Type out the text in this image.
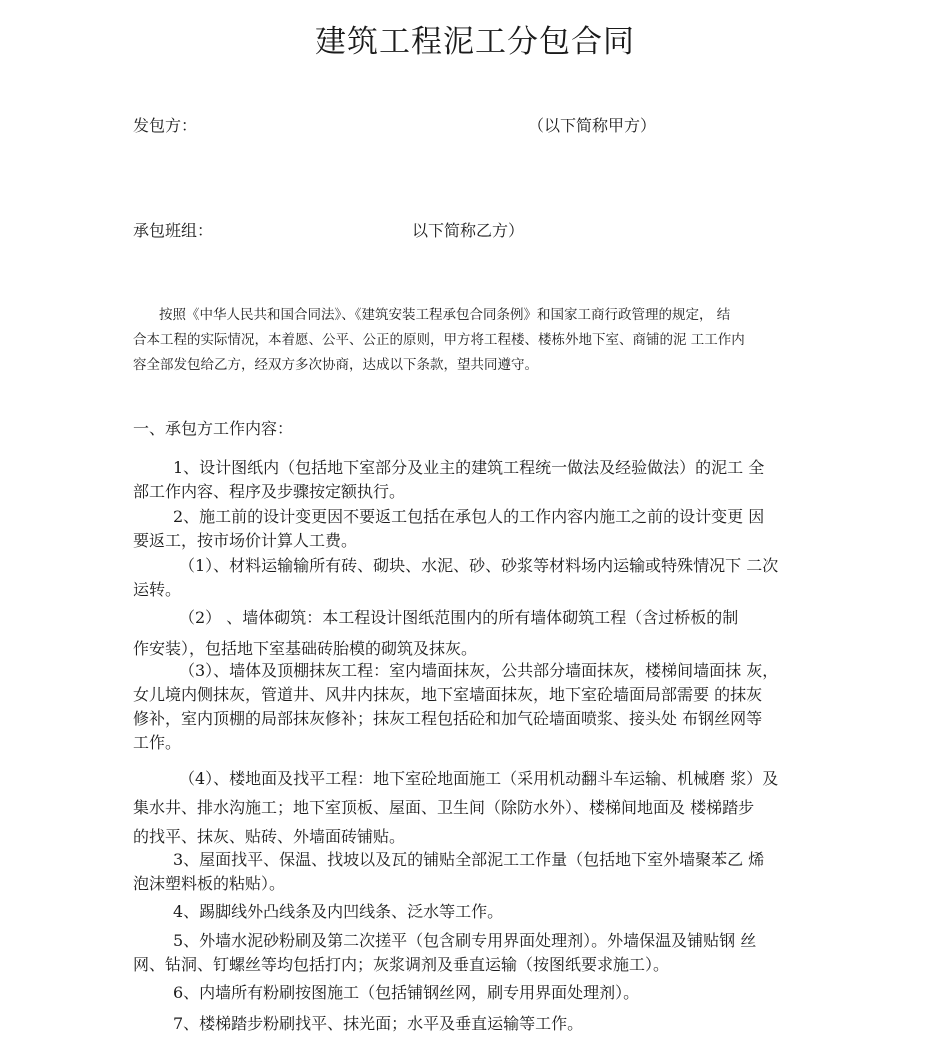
建筑工程泥工分包合同
发包方：	（以下简称甲方）
承包班组：	以下简称乙方）
按照《中华人民共和国合同法》、《建筑安装工程承包合同条例》和国家工商行政管理的规定， 结
合本工程的实际情况，本着愿、公平、公正的原则，甲方将工程楼、楼栋外地下室、商铺的泥 工工作内
容全部发包给乙方，经双方多次协商，达成以下条款，望共同遵守。
一、承包方工作内容：
1、设计图纸内（包括地下室部分及业主的建筑工程统一做法及经验做法）的泥工 全
部工作内容、程序及步骤按定额执行。
2、施工前的设计变更因不要返工包括在承包人的工作内容内施工之前的设计变更 因
要返工，按市场价计算人工费。
（1）、材料运输输所有砖、砌块、水泥、砂、砂浆等材料场内运输或特殊情况下 二次
运转。
（2） 、墙体砌筑：本工程设计图纸范围内的所有墙体砌筑工程（含过桥板的制
作安装），包括地下室基础砖胎模的砌筑及抹灰。
（3）、墙体及顶棚抹灰工程：室内墙面抹灰，公共部分墙面抹灰，楼梯间墙面抹 灰，
女儿境内侧抹灰，管道井、风井内抹灰，地下室墙面抹灰，地下室砼墙面局部需要 的抹灰
修补，室内顶棚的局部抹灰修补；抹灰工程包括砼和加气砼墙面喷浆、接头处 布钢丝网等
工作。
（4）、楼地面及找平工程：地下室砼地面施工（采用机动翻斗车运输、机械磨 浆）及
集水井、排水沟施工；地下室顶板、屋面、卫生间（除防水外）、楼梯间地面及 楼梯踏步
的找平、抹灰、贴砖、外墙面砖铺贴。
3、屋面找平、保温、找坡以及瓦的铺贴全部泥工工作量（包括地下室外墙聚苯乙 烯
泡沫塑料板的粘贴）。
4、踢脚线外凸线条及内凹线条、泛水等工作。
5、外墙水泥砂粉刷及第二次搓平（包含刷专用界面处理剂）。外墙保温及铺贴钢 丝
网、钻洞、钉螺丝等均包括打内；灰浆调剂及垂直运输（按图纸要求施工）。
6、内墙所有粉刷按图施工（包括铺钢丝网，刷专用界面处理剂）。
7、楼梯踏步粉刷找平、抹光面；水平及垂直运输等工作。
